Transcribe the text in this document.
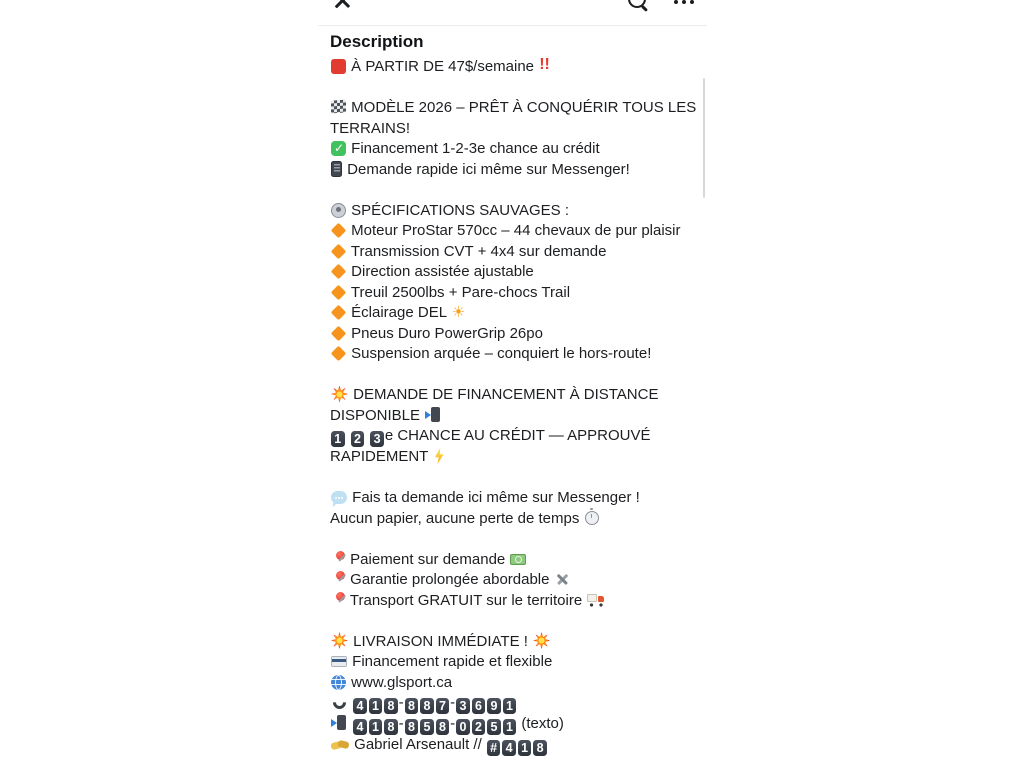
Description
À PARTIR DE 47$/semaine !!
MODÈLE 2026 – PRÊT À CONQUÉRIR TOUS LES TERRAINS!
✓ Financement 1-2-3e chance au crédit
Demande rapide ici même sur Messenger!
SPÉCIFICATIONS SAUVAGES :
Moteur ProStar 570cc – 44 chevaux de pur plaisir
Transmission CVT + 4x4 sur demande
Direction assistée ajustable
Treuil 2500lbs + Pare-chocs Trail
Éclairage DEL ☀
Pneus Duro PowerGrip 26po
Suspension arquée – conquiert le hors-route!
DEMANDE DE FINANCEMENT À DISTANCE DISPONIBLE
1 2 3 e CHANCE AU CRÉDIT — APPROUVÉ RAPIDEMENT
Fais ta demande ici même sur Messenger !
Aucun papier, aucune perte de temps
Paiement sur demande
Garantie prolongée abordable
Transport GRATUIT sur le territoire
LIVRAISON IMMÉDIATE !
Financement rapide et flexible
www.glsport.ca
4 1 8 - 8 8 7 - 3 6 9 1
4 1 8 - 8 5 8 - 0 2 5 1 (texto)
Gabriel Arsenault // # 4 1 8
